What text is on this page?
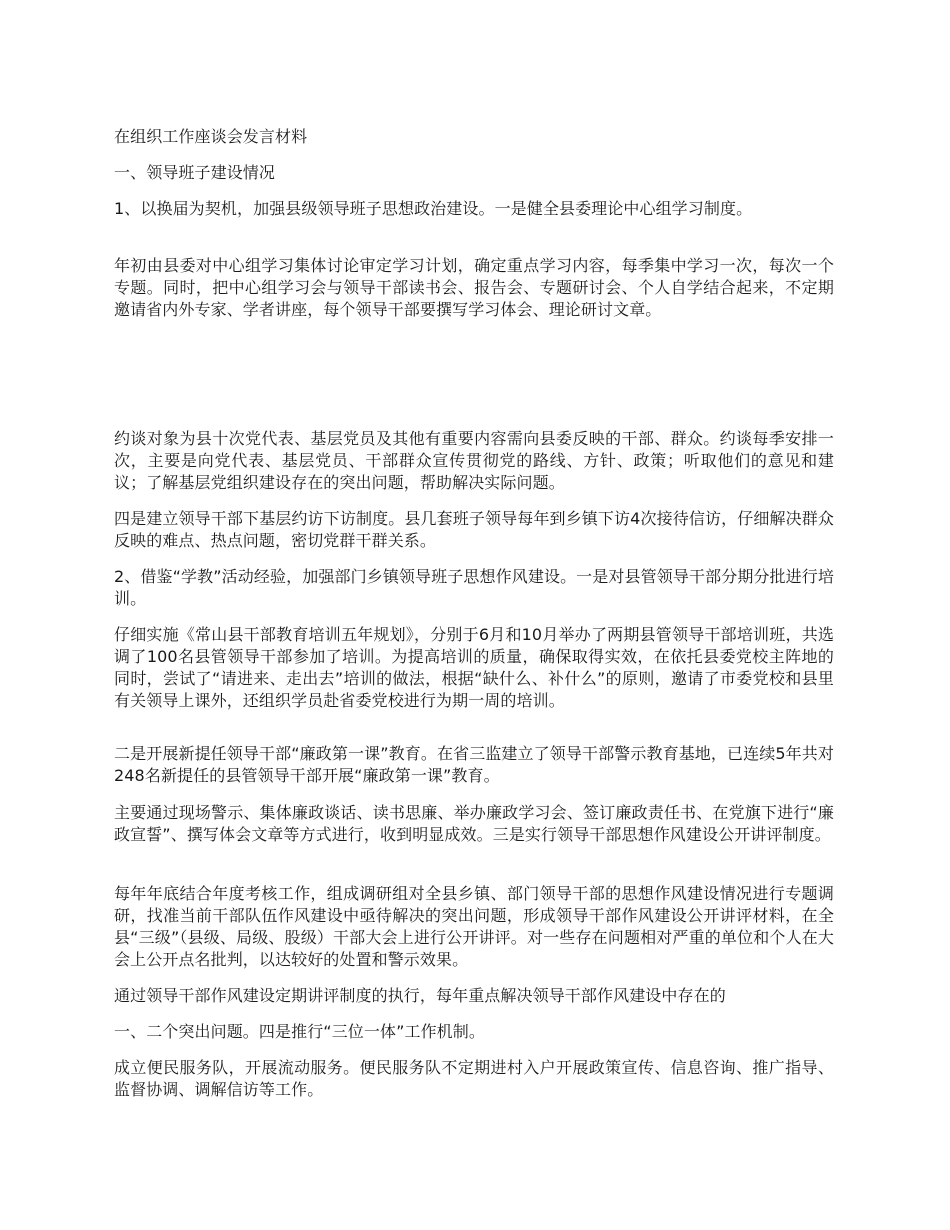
在组织工作座谈会发言材料

一、领导班子建设情况

1、以换届为契机，加强县级领导班子思想政治建设。一是健全县委理论中心组学习制度。

年初由县委对中心组学习集体讨论审定学习计划，确定重点学习内容，每季集中学习一次，每次一个专题。同时，把中心组学习会与领导干部读书会、报告会、专题研讨会、个人自学结合起来，不定期邀请省内外专家、学者讲座，每个领导干部要撰写学习体会、理论研讨文章。

约谈对象为县十次党代表、基层党员及其他有重要内容需向县委反映的干部、群众。约谈每季安排一次，主要是向党代表、基层党员、干部群众宣传贯彻党的路线、方针、政策；听取他们的意见和建议；了解基层党组织建设存在的突出问题，帮助解决实际问题。

四是建立领导干部下基层约访下访制度。县几套班子领导每年到乡镇下访4次接待信访，仔细解决群众反映的难点、热点问题，密切党群干群关系。

2、借鉴“学教”活动经验，加强部门乡镇领导班子思想作风建设。一是对县管领导干部分期分批进行培训。

仔细实施《常山县干部教育培训五年规划》，分别于6月和10月举办了两期县管领导干部培训班，共选调了100名县管领导干部参加了培训。为提高培训的质量，确保取得实效，在依托县委党校主阵地的同时，尝试了“请进来、走出去”培训的做法，根据“缺什么、补什么”的原则，邀请了市委党校和县里有关领导上课外，还组织学员赴省委党校进行为期一周的培训。

二是开展新提任领导干部“廉政第一课”教育。在省三监建立了领导干部警示教育基地，已连续5年共对248名新提任的县管领导干部开展“廉政第一课”教育。

主要通过现场警示、集体廉政谈话、读书思廉、举办廉政学习会、签订廉政责任书、在党旗下进行“廉政宣誓”、撰写体会文章等方式进行，收到明显成效。三是实行领导干部思想作风建设公开讲评制度。

每年年底结合年度考核工作，组成调研组对全县乡镇、部门领导干部的思想作风建设情况进行专题调研，找准当前干部队伍作风建设中亟待解决的突出问题，形成领导干部作风建设公开讲评材料，在全县“三级”（县级、局级、股级）干部大会上进行公开讲评。对一些存在问题相对严重的单位和个人在大会上公开点名批判，以达较好的处置和警示效果。

通过领导干部作风建设定期讲评制度的执行，每年重点解决领导干部作风建设中存在的

一、二个突出问题。四是推行“三位一体”工作机制。

成立便民服务队，开展流动服务。便民服务队不定期进村入户开展政策宣传、信息咨询、推广指导、监督协调、调解信访等工作。
